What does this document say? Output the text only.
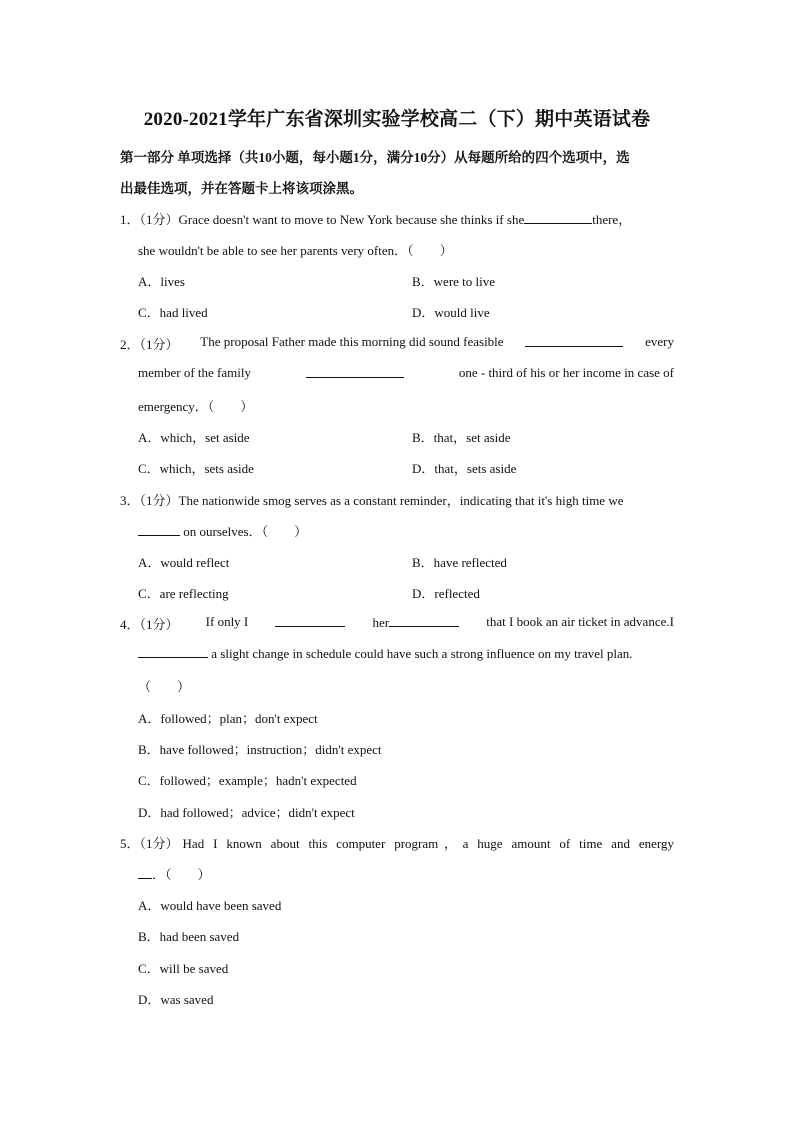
2020-2021学年广东省深圳实验学校高二（下）期中英语试卷
第一部分 单项选择（共10小题，每小题1分，满分10分）从每题所给的四个选项中，选
出最佳选项，并在答题卡上将该项涂黑。
1．（1分）Grace doesn't want to move to New York because she thinks if she	there，
she wouldn't be able to see her parents very often．（　　）
A．lives	B．were to live
C．had lived	D．would live
2．（1分） The proposal Father made this morning did sound feasible	every
member of the family	one - third of his or her income in case of
emergency．（　　）
A．which，set aside	B．that，set aside
C．which，sets aside	D．that，sets aside
3．（1分）The nationwide smog serves as a constant reminder，indicating that it's high time we
on ourselves．（　　）
A．would reflect	B．have reflected
C．are reflecting	D．reflected
4．（1分） If only I	her	that I book an air ticket in advance.I
a slight change in schedule could have such a strong influence on my travel plan.
（　　）
A．followed；plan；don't expect
B．have followed；instruction；didn't expect
C．followed；example；hadn't expected
D．had followed；advice；didn't expect
5．（1分） Had I known about this computer program，a huge amount of time and energy
．（　　）
A．would have been saved
B．had been saved
C．will be saved
D．was saved
